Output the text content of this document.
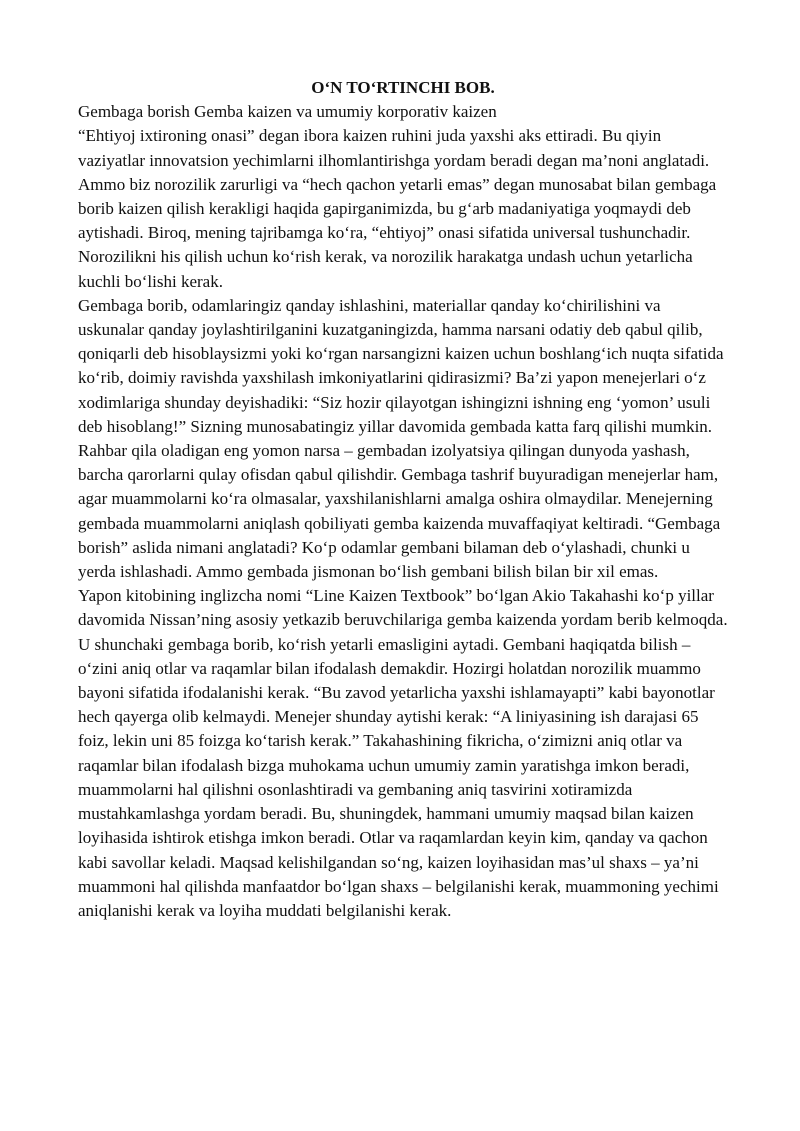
O‘N TO‘RTINCHI BOB.

Gembaga borish Gemba kaizen va umumiy korporativ kaizen

“Ehtiyoj ixtironing onasi” degan ibora kaizen ruhini juda yaxshi aks ettiradi. Bu qiyin vaziyatlar innovatsion yechimlarni ilhomlantirishga yordam beradi degan ma’noni anglatadi. Ammo biz norozilik zarurligi va “hech qachon yetarli emas” degan munosabat bilan gembaga borib kaizen qilish kerakligi haqida gapirganimizda, bu g‘arb madaniyatiga yoqmaydi deb aytishadi. Biroq, mening tajribamga ko‘ra, “ehtiyoj” onasi sifatida universal tushunchadir. Norozilikni his qilish uchun ko‘rish kerak, va norozilik harakatga undash uchun yetarlicha kuchli bo‘lishi kerak.

Gembaga borib, odamlaringiz qanday ishlashini, materiallar qanday ko‘chirilishini va uskunalar qanday joylashtirilganini kuzatganingizda, hamma narsani odatiy deb qabul qilib, qoniqarli deb hisoblaysizmi yoki ko‘rgan narsangizni kaizen uchun boshlang‘ich nuqta sifatida ko‘rib, doimiy ravishda yaxshilash imkoniyatlarini qidirasizmi? Ba’zi yapon menejerlari o‘z xodimlariga shunday deyishadiki: “Siz hozir qilayotgan ishingizni ishning eng ‘yomon’ usuli deb hisoblang!” Sizning munosabatingiz yillar davomida gembada katta farq qilishi mumkin.

Rahbar qila oladigan eng yomon narsa – gembadan izolyatsiya qilingan dunyoda yashash, barcha qarorlarni qulay ofisdan qabul qilishdir. Gembaga tashrif buyuradigan menejerlar ham, agar muammolarni ko‘ra olmasalar, yaxshilanishlarni amalga oshira olmaydilar. Menejerning gembada muammolarni aniqlash qobiliyati gemba kaizenda muvaffaqiyat keltiradi. “Gembaga borish” aslida nimani anglatadi? Ko‘p odamlar gembani bilaman deb o‘ylashadi, chunki u yerda ishlashadi. Ammo gembada jismonan bo‘lish gembani bilish bilan bir xil emas.

Yapon kitobining inglizcha nomi “Line Kaizen Textbook” bo‘lgan Akio Takahashi ko‘p yillar davomida Nissan’ning asosiy yetkazib beruvchilariga gemba kaizenda yordam berib kelmoqda. U shunchaki gembaga borib, ko‘rish yetarli emasligini aytadi. Gembani haqiqatda bilish – o‘zini aniq otlar va raqamlar bilan ifodalash demakdir. Hozirgi holatdan norozilik muammo bayoni sifatida ifodalanishi kerak. “Bu zavod yetarlicha yaxshi ishlamayapti” kabi bayonotlar hech qayerga olib kelmaydi. Menejer shunday aytishi kerak: “A liniyasining ish darajasi 65 foiz, lekin uni 85 foizga ko‘tarish kerak.” Takahashining fikricha, o‘zimizni aniq otlar va raqamlar bilan ifodalash bizga muhokama uchun umumiy zamin yaratishga imkon beradi, muammolarni hal qilishni osonlashtiradi va gembaning aniq tasvirini xotiramizda mustahkamlashga yordam beradi. Bu, shuningdek, hammani umumiy maqsad bilan kaizen loyihasida ishtirok etishga imkon beradi. Otlar va raqamlardan keyin kim, qanday va qachon kabi savollar keladi. Maqsad kelishilgandan so‘ng, kaizen loyihasidan mas’ul shaxs – ya’ni muammoni hal qilishda manfaatdor bo‘lgan shaxs – belgilanishi kerak, muammoning yechimi aniqlanishi kerak va loyiha muddati belgilanishi kerak.
